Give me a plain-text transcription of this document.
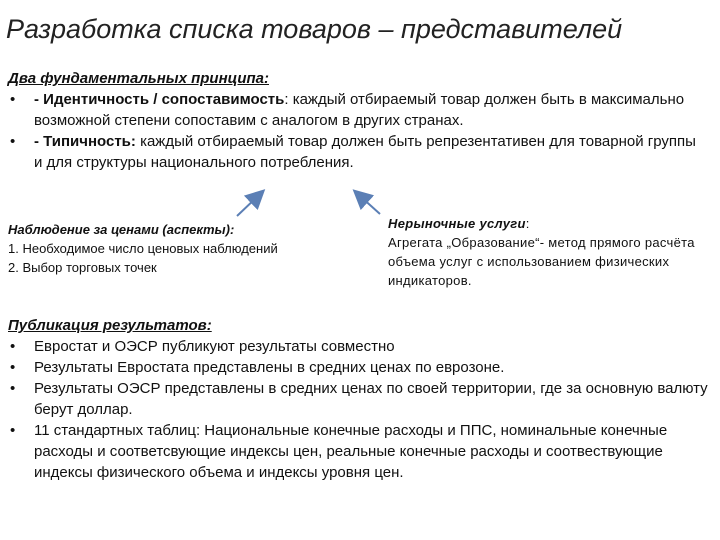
Разработка списка товаров – представителей
Два фундаментальных принципа:
• - Идентичность / сопоставимость: каждый отбираемый товар должен быть в максимально возможной степени сопоставим с аналогом в других странах.
• - Типичность: каждый отбираемый товар должен быть репрезентативен для товарной группы и для структуры национального потребления.
Наблюдение за ценами (аспекты):
1. Необходимое число ценовых наблюдений
2. Выбор торговых точек
Нерыночные услуги:
Агрегата „Образование“- метод прямого расчёта объема услуг с использованием физических индикаторов.
Публикация результатов:
• Евростат и ОЭСР публикуют результаты совместно
• Результаты Евростата представлены в средних ценах по еврозоне.
• Результаты ОЭСР представлены в средних ценах по своей территории, где за основную валюту берут доллар.
• 11 стандартных таблиц: Национальные конечные расходы и ППС, номинальные конечные расходы и соответсвующие индексы цен, реальные конечные расходы и соотвествующие индексы физического объема и индексы уровня цен.
